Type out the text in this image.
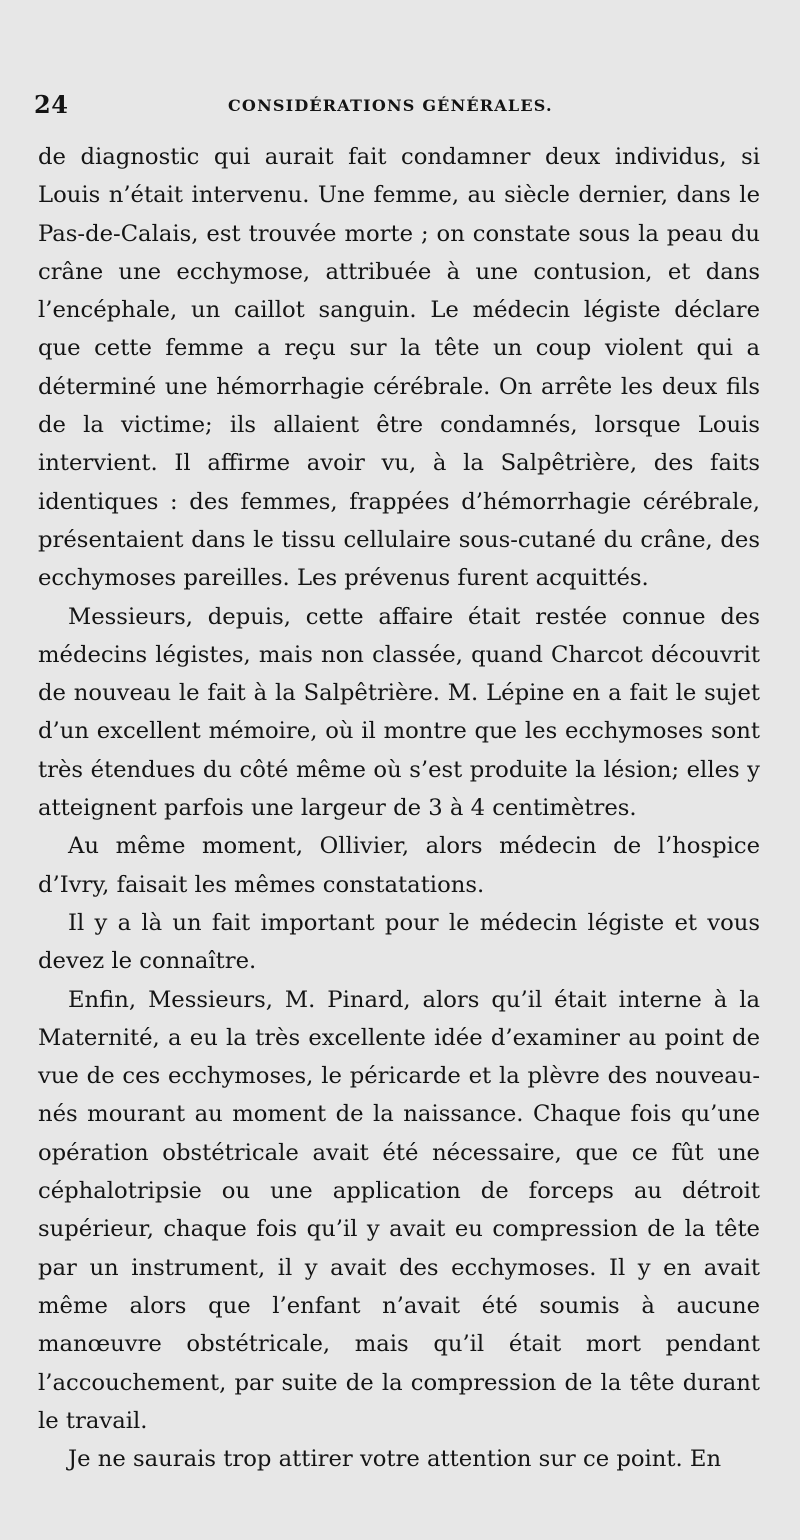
24	CONSIDÉRATIONS GÉNÉRALES.

de diagnostic qui aurait fait condamner deux individus, si Louis n’était intervenu. Une femme, au siècle dernier, dans le Pas-de-Calais, est trouvée morte ; on constate sous la peau du crâne une ecchymose, attribuée à une contusion, et dans l’encéphale, un caillot sanguin. Le médecin légiste déclare que cette femme a reçu sur la tête un coup violent qui a déterminé une hémorrhagie cérébrale. On arrête les deux fils de la victime; ils allaient être condamnés, lorsque Louis intervient. Il affirme avoir vu, à la Salpêtrière, des faits identiques : des femmes, frappées d’hémorrhagie cérébrale, présentaient dans le tissu cellulaire sous-cutané du crâne, des ecchymoses pareilles. Les prévenus furent acquittés.

Messieurs, depuis, cette affaire était restée connue des médecins légistes, mais non classée, quand Charcot découvrit de nouveau le fait à la Salpêtrière. M. Lépine en a fait le sujet d’un excellent mémoire, où il montre que les ecchymoses sont très étendues du côté même où s’est produite la lésion; elles y atteignent parfois une largeur de 3 à 4 centimètres.

Au même moment, Ollivier, alors médecin de l’hospice d’Ivry, faisait les mêmes constatations.

Il y a là un fait important pour le médecin légiste et vous devez le connaître.

Enfin, Messieurs, M. Pinard, alors qu’il était interne à la Maternité, a eu la très excellente idée d’examiner au point de vue de ces ecchymoses, le péricarde et la plèvre des nouveau-nés mourant au moment de la naissance. Chaque fois qu’une opération obstétricale avait été nécessaire, que ce fût une céphalotripsie ou une application de forceps au détroit supérieur, chaque fois qu’il y avait eu compression de la tête par un instrument, il y avait des ecchymoses. Il y en avait même alors que l’enfant n’avait été soumis à aucune manœuvre obstétricale, mais qu’il était mort pendant l’accouchement, par suite de la compression de la tête durant le travail.

Je ne saurais trop attirer votre attention sur ce point. En
